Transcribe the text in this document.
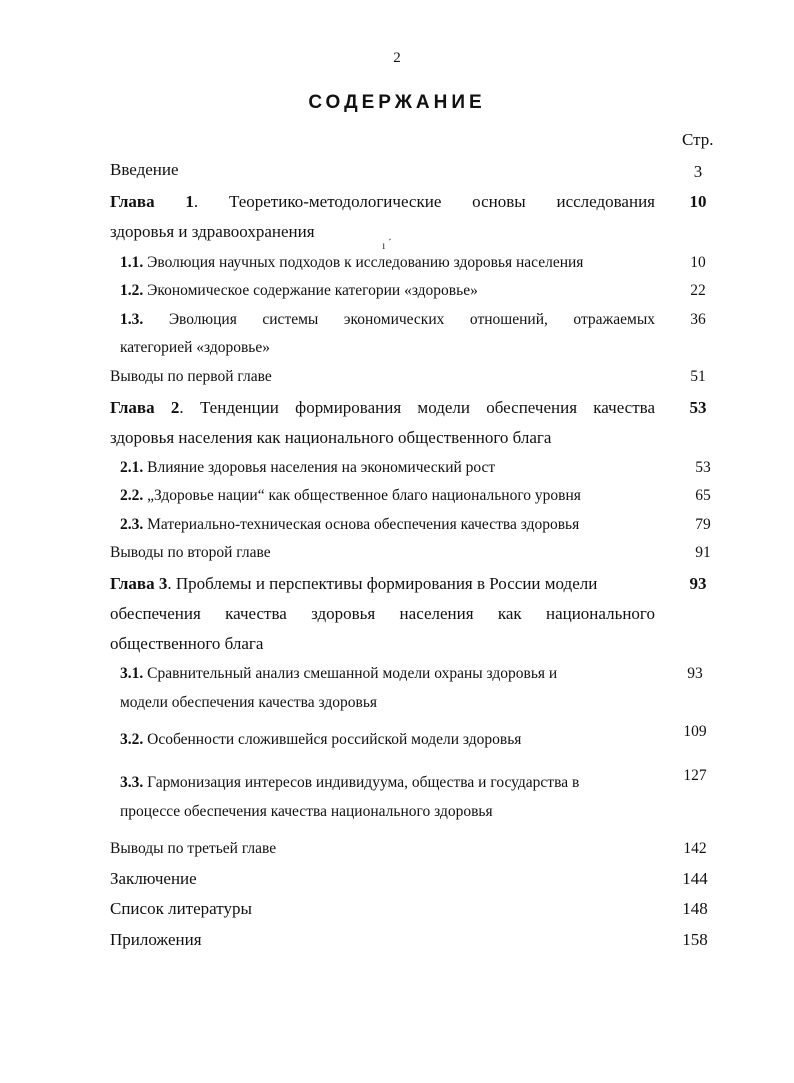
2
СОДЕРЖАНИЕ
Стр.
Введение	3
Глава 1. Теоретико-методологические основы исследования	10
здоровья и здравоохранения
ı  ́
1.1. Эволюция научных подходов к исследованию здоровья населения	10
1.2. Экономическое содержание категории «здоровье»	22
1.3. Эволюция системы экономических отношений, отражаемых	36
категорией «здоровье»
Выводы по первой главе	51
Глава 2. Тенденции формирования модели обеспечения качества	53
здоровья населения как национального общественного блага
2.1. Влияние здоровья населения на экономический рост	53
2.2. „Здоровье нации“ как общественное благо национального уровня	65
2.3. Материально-техническая основа обеспечения качества здоровья	79
Выводы по второй главе	91
Глава 3. Проблемы и перспективы формирования в России модели	93
обеспечения качества здоровья населения как национального
общественного блага
3.1. Сравнительный анализ смешанной модели охраны здоровья и	93
модели обеспечения качества здоровья
3.2. Особенности сложившейся российской модели здоровья	109
3.3. Гармонизация интересов индивидуума, общества и государства в	127
процессе обеспечения качества национального здоровья
Выводы по третьей главе	142
Заключение	144
Список литературы	148
Приложения	158
